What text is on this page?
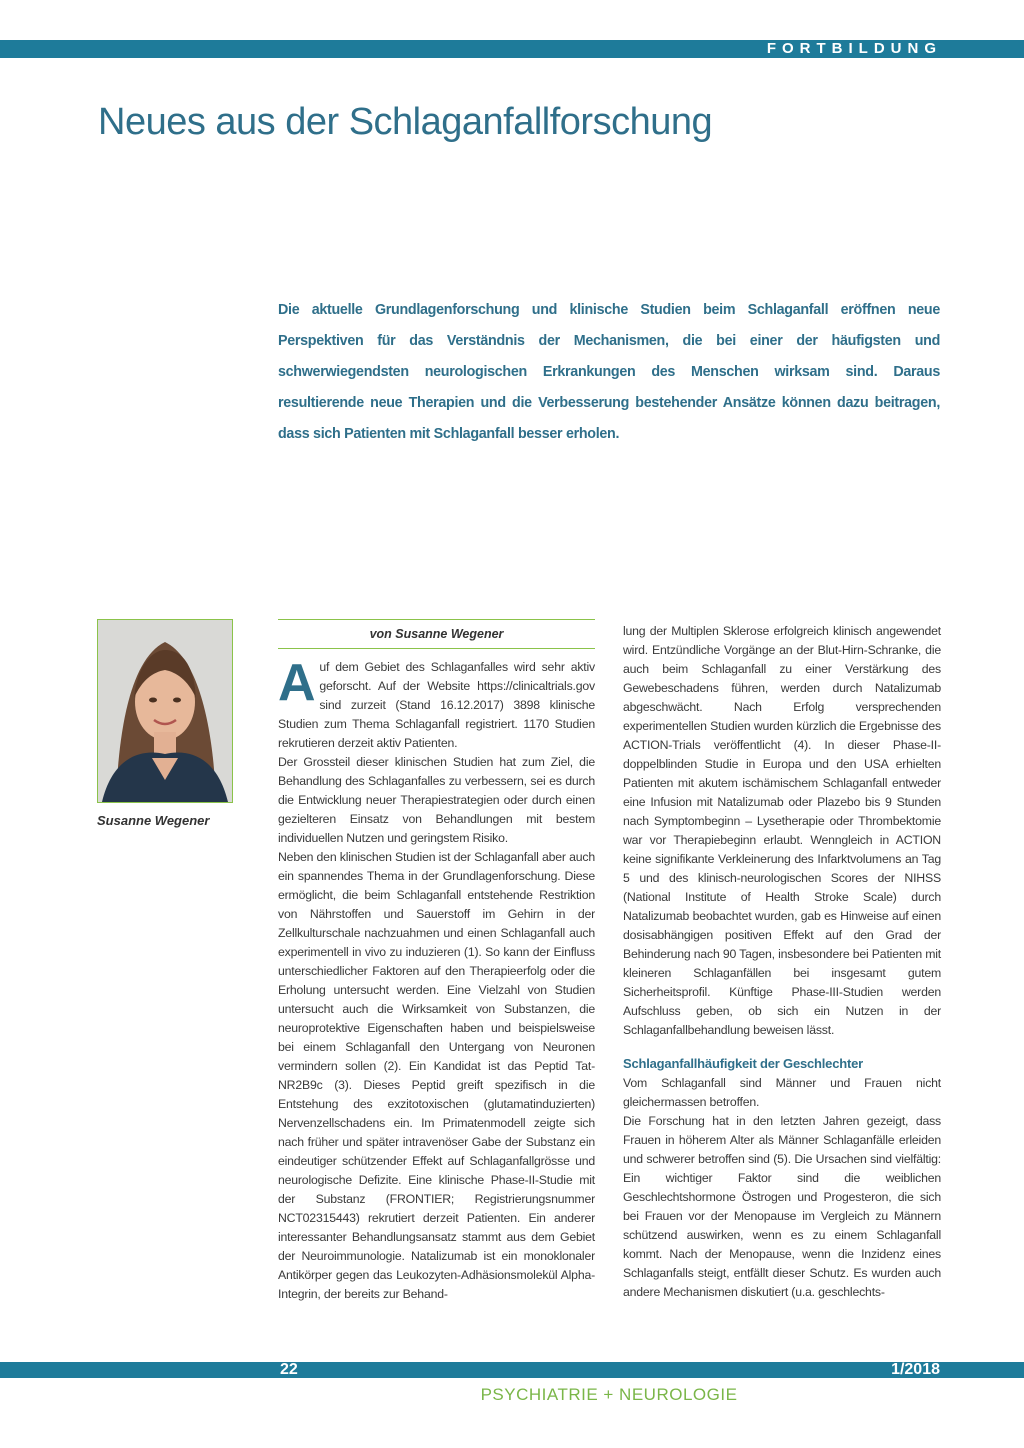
FORTBILDUNG
Neues aus der Schlaganfallforschung

Die aktuelle Grundlagenforschung und klinische Studien beim Schlaganfall eröffnen neue Perspektiven für das Verständnis der Mechanismen, die bei einer der häufigsten und schwerwiegendsten neurologischen Erkrankungen des Menschen wirksam sind. Daraus resultierende neue Therapien und die Verbesserung bestehender Ansätze können dazu beitragen, dass sich Patienten mit Schlaganfall besser erholen.

Susanne Wegener
von Susanne Wegener

Auf dem Gebiet des Schlaganfalles wird sehr aktiv geforscht. Auf der Website https://clinicaltrials.gov sind zurzeit (Stand 16.12.2017) 3898 klinische Studien zum Thema Schlaganfall registriert. 1170 Studien rekrutieren derzeit aktiv Patienten.

Der Grossteil dieser klinischen Studien hat zum Ziel, die Behandlung des Schlaganfalles zu verbessern, sei es durch die Entwicklung neuer Therapiestrategien oder durch einen gezielteren Einsatz von Behandlungen mit bestem individuellen Nutzen und geringstem Risiko.

Neben den klinischen Studien ist der Schlaganfall aber auch ein spannendes Thema in der Grundlagenforschung. Diese ermöglicht, die beim Schlaganfall entstehende Restriktion von Nährstoffen und Sauerstoff im Gehirn in der Zellkulturschale nachzuahmen und einen Schlaganfall auch experimentell in vivo zu induzieren (1). So kann der Einfluss unterschiedlicher Faktoren auf den Therapieerfolg oder die Erholung untersucht werden. Eine Vielzahl von Studien untersucht auch die Wirksamkeit von Substanzen, die neuroprotektive Eigenschaften haben und beispielsweise bei einem Schlaganfall den Untergang von Neuronen vermindern sollen (2). Ein Kandidat ist das Peptid Tat-NR2B9c (3). Dieses Peptid greift spezifisch in die Entstehung des exzitotoxischen (glutamatinduzierten) Nervenzellschadens ein. Im Primatenmodell zeigte sich nach früher und später intravenöser Gabe der Substanz ein eindeutiger schützender Effekt auf Schlaganfallgrösse und neurologische Defizite. Eine klinische Phase-II-Studie mit der Substanz (FRONTIER; Registrierungsnummer NCT02315443) rekrutiert derzeit Patienten. Ein anderer interessanter Behandlungsansatz stammt aus dem Gebiet der Neuroimmunologie. Natalizumab ist ein monoklonaler Antikörper gegen das Leukozyten-Adhäsionsmolekül Alpha-Integrin, der bereits zur Behand-

lung der Multiplen Sklerose erfolgreich klinisch angewendet wird. Entzündliche Vorgänge an der Blut-Hirn-Schranke, die auch beim Schlaganfall zu einer Verstärkung des Gewebeschadens führen, werden durch Natalizumab abgeschwächt. Nach Erfolg versprechenden experimentellen Studien wurden kürzlich die Ergebnisse des ACTION-Trials veröffentlicht (4). In dieser Phase-II-doppelblinden Studie in Europa und den USA erhielten Patienten mit akutem ischämischem Schlaganfall entweder eine Infusion mit Natalizumab oder Plazebo bis 9 Stunden nach Symptombeginn – Lysetherapie oder Thrombektomie war vor Therapiebeginn erlaubt. Wenngleich in ACTION keine signifikante Verkleinerung des Infarktvolumens an Tag 5 und des klinisch-neurologischen Scores der NIHSS (National Institute of Health Stroke Scale) durch Natalizumab beobachtet wurden, gab es Hinweise auf einen dosisabhängigen positiven Effekt auf den Grad der Behinderung nach 90 Tagen, insbesondere bei Patienten mit kleineren Schlaganfällen bei insgesamt gutem Sicherheitsprofil. Künftige Phase-III-Studien werden Aufschluss geben, ob sich ein Nutzen in der Schlaganfallbehandlung beweisen lässt.

Schlaganfallhäufigkeit der Geschlechter

Vom Schlaganfall sind Männer und Frauen nicht gleichermassen betroffen.

Die Forschung hat in den letzten Jahren gezeigt, dass Frauen in höherem Alter als Männer Schlaganfälle erleiden und schwerer betroffen sind (5). Die Ursachen sind vielfältig: Ein wichtiger Faktor sind die weiblichen Geschlechtshormone Östrogen und Progesteron, die sich bei Frauen vor der Menopause im Vergleich zu Männern schützend auswirken, wenn es zu einem Schlaganfall kommt. Nach der Menopause, wenn die Inzidenz eines Schlaganfalls steigt, entfällt dieser Schutz. Es wurden auch andere Mechanismen diskutiert (u.a. geschlechts-

22	1/2018
PSYCHIATRIE + NEUROLOGIE
